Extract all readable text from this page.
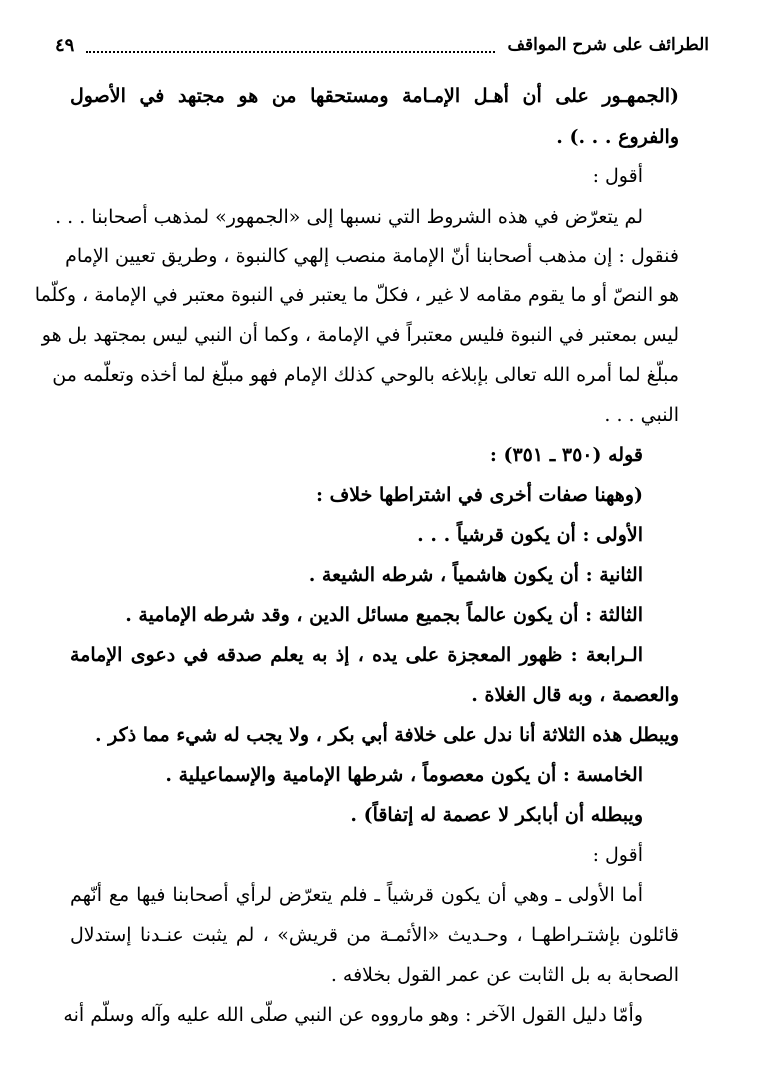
الطرائف على شرح المواقف
٤٩
(الجمهـور على أن أهـل الإمـامة ومستحقها من هو مجتهد في الأصول
والفروع . . .) .
أقول :
لم يتعرّض في هذه الشروط التي نسبها إلى «الجمهور» لمذهب أصحابنا . . .
فنقول : إن مذهب أصحابنا أنّ الإمامة منصب إلهي كالنبوة ، وطريق تعيين الإمام
هو النصّ أو ما يقوم مقامه لا غير ، فكلّ ما يعتبر في النبوة معتبر في الإمامة ، وكلّما
ليس بمعتبر في النبوة فليس معتبراً في الإمامة ، وكما أن النبي ليس بمجتهد بل هو
مبلّغ لما أمره الله تعالى بإبلاغه بالوحي كذلك الإمام فهو مبلّغ لما أخذه وتعلّمه من
النبي . . .
قوله (٣٥٠ ـ ٣٥١) :
(وههنا صفات أخرى في اشتراطها خلاف :
الأولى : أن يكون قرشياً . . .
الثانية : أن يكون هاشمياً ، شرطه الشيعة .
الثالثة : أن يكون عالماً بجميع مسائل الدين ، وقد شرطه الإمامية .
الـرابعة : ظهور المعجزة على يده ، إذ به يعلم صدقه في دعوى الإمامة
والعصمة ، وبه قال الغلاة .
ويبطل هذه الثلاثة أنا ندل على خلافة أبي بكر ، ولا يجب له شيء مما ذكر .
الخامسة : أن يكون معصوماً ، شرطها الإمامية والإسماعيلية .
ويبطله أن أبابكر لا عصمة له إتفاقاً) .
أقول :
أما الأولى ـ وهي أن يكون قرشياً ـ فلم يتعرّض لرأي أصحابنا فيها مع أنّهم
قائلون بإشتـراطهـا ، وحـديث «الأئمـة من قريش» ، لم يثبت عنـدنا إستدلال
الصحابة به بل الثابت عن عمر القول بخلافه .
وأمّا دليل القول الآخر : وهو مارووه عن النبي صلّى الله عليه وآله وسلّم أنه
